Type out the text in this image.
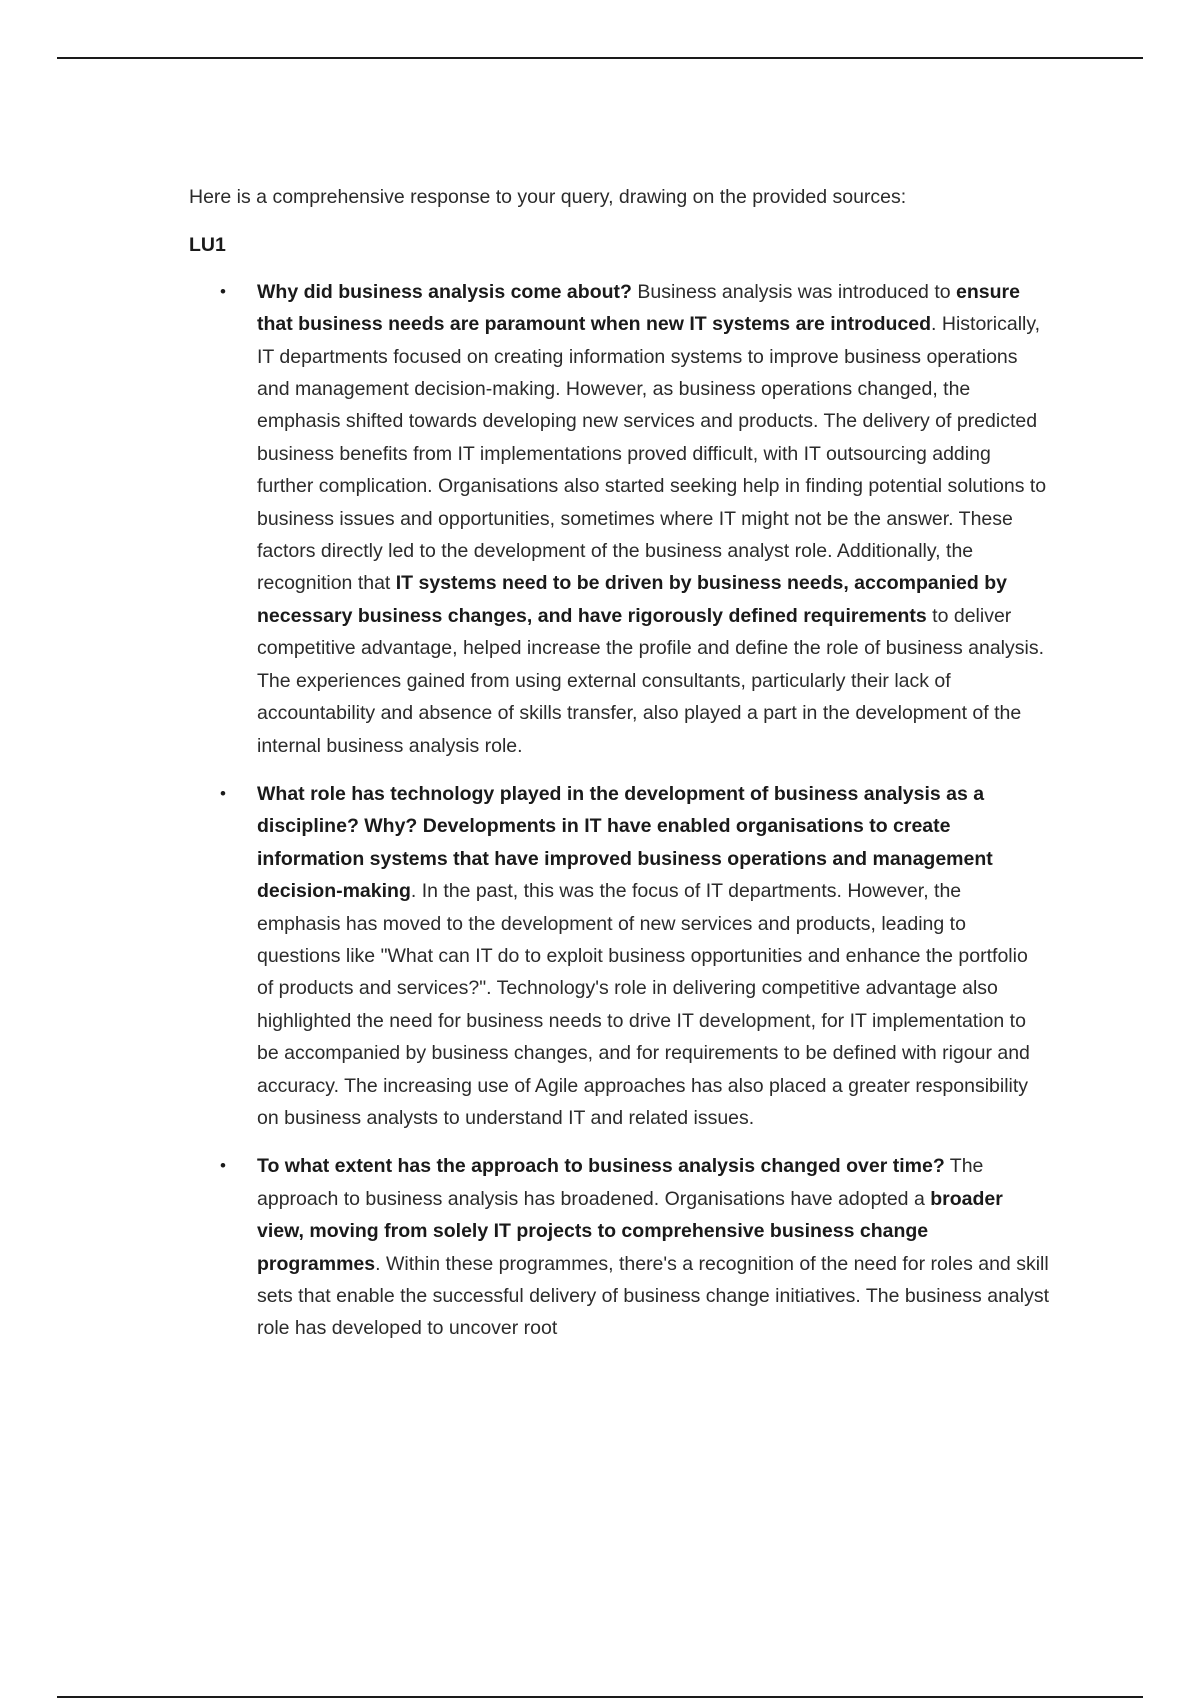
Here is a comprehensive response to your query, drawing on the provided sources:

LU1

• Why did business analysis come about? Business analysis was introduced to ensure that business needs are paramount when new IT systems are introduced. Historically, IT departments focused on creating information systems to improve business operations and management decision-making. However, as business operations changed, the emphasis shifted towards developing new services and products. The delivery of predicted business benefits from IT implementations proved difficult, with IT outsourcing adding further complication. Organisations also started seeking help in finding potential solutions to business issues and opportunities, sometimes where IT might not be the answer. These factors directly led to the development of the business analyst role. Additionally, the recognition that IT systems need to be driven by business needs, accompanied by necessary business changes, and have rigorously defined requirements to deliver competitive advantage, helped increase the profile and define the role of business analysis. The experiences gained from using external consultants, particularly their lack of accountability and absence of skills transfer, also played a part in the development of the internal business analysis role.
• What role has technology played in the development of business analysis as a discipline? Why? Developments in IT have enabled organisations to create information systems that have improved business operations and management decision-making. In the past, this was the focus of IT departments. However, the emphasis has moved to the development of new services and products, leading to questions like "What can IT do to exploit business opportunities and enhance the portfolio of products and services?". Technology's role in delivering competitive advantage also highlighted the need for business needs to drive IT development, for IT implementation to be accompanied by business changes, and for requirements to be defined with rigour and accuracy. The increasing use of Agile approaches has also placed a greater responsibility on business analysts to understand IT and related issues.
• To what extent has the approach to business analysis changed over time? The approach to business analysis has broadened. Organisations have adopted a broader view, moving from solely IT projects to comprehensive business change programmes. Within these programmes, there's a recognition of the need for roles and skill sets that enable the successful delivery of business change initiatives. The business analyst role has developed to uncover root
